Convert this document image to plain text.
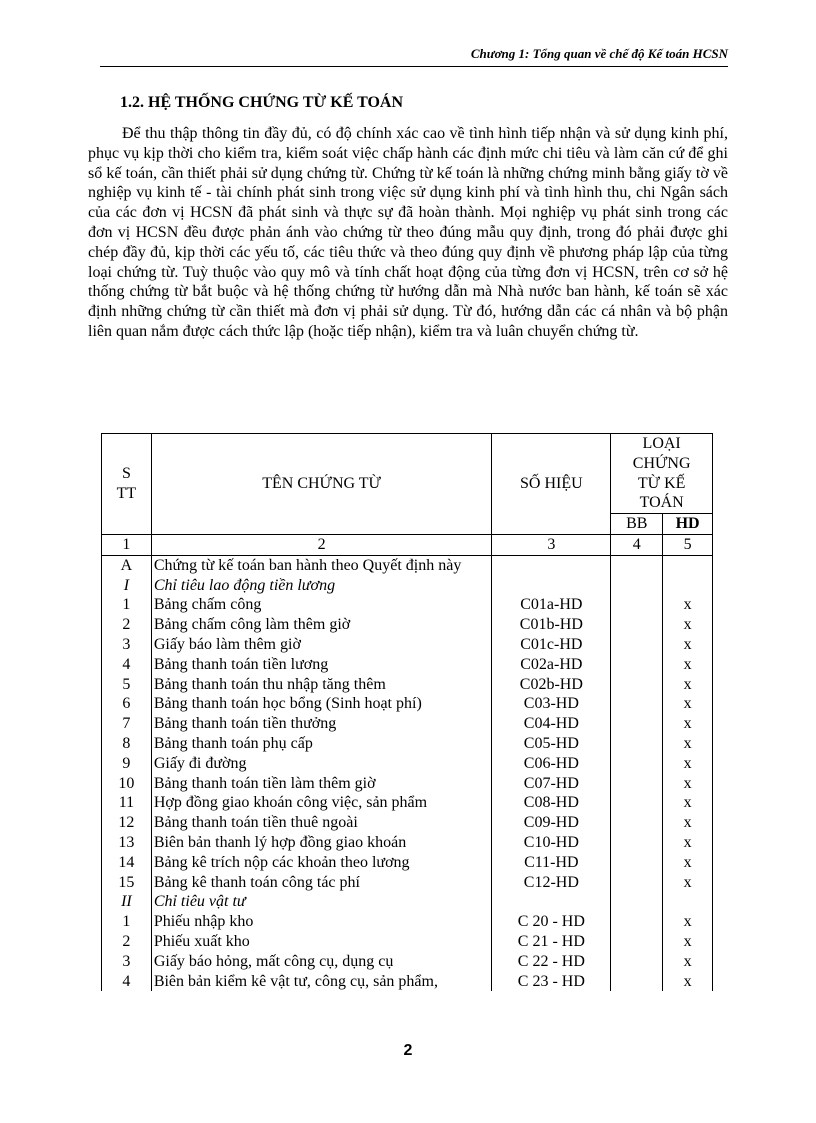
Chương 1: Tổng quan về chế độ Kế toán HCSN
1.2. HỆ THỐNG CHỨNG TỪ KẾ TOÁN

Để thu thập thông tin đầy đủ, có độ chính xác cao về tình hình tiếp nhận và sử dụng kinh phí, phục vụ kịp thời cho kiểm tra, kiểm soát việc chấp hành các định mức chi tiêu và làm căn cứ để ghi sổ kế toán, cần thiết phải sử dụng chứng từ. Chứng từ kế toán là những chứng minh bằng giấy tờ về nghiệp vụ kinh tế - tài chính phát sinh trong việc sử dụng kinh phí và tình hình thu, chi Ngân sách của các đơn vị HCSN đã phát sinh và thực sự đã hoàn thành. Mọi nghiệp vụ phát sinh trong các đơn vị HCSN đều được phản ánh vào chứng từ theo đúng mẫu quy định, trong đó phải được ghi chép đầy đủ, kịp thời các yếu tố, các tiêu thức và theo đúng quy định về phương pháp lập của từng loại chứng từ. Tuỳ thuộc vào quy mô và tính chất hoạt động của từng đơn vị HCSN, trên cơ sở hệ thống chứng từ bắt buộc và hệ thống chứng từ hướng dẫn mà Nhà nước ban hành, kế toán sẽ xác định những chứng từ cần thiết mà đơn vị phải sử dụng. Từ đó, hướng dẫn các cá nhân và bộ phận liên quan nắm được cách thức lập (hoặc tiếp nhận), kiểm tra và luân chuyển chứng từ.

S
TT	TÊN CHỨNG TỪ	SỐ HIỆU	LOẠI CHỨNG TỪ KẾ TOÁN	
			BB	HD
1	2	3	4	5
A	Chứng từ kế toán ban hành theo Quyết định này			
I	Chỉ tiêu lao động tiền lương			
1	Bảng chấm công	C01a-HD		x
2	Bảng chấm công làm thêm giờ	C01b-HD		x
3	Giấy báo làm thêm giờ	C01c-HD		x
4	Bảng thanh toán tiền lương	C02a-HD		x
5	Bảng thanh toán thu nhập tăng thêm	C02b-HD		x
6	Bảng thanh toán học bổng (Sinh hoạt phí)	C03-HD		x
7	Bảng thanh toán tiền thưởng	C04-HD		x
8	Bảng thanh toán phụ cấp	C05-HD		x
9	Giấy đi đường	C06-HD		x
10	Bảng thanh toán tiền làm thêm giờ	C07-HD		x
11	Hợp đồng giao khoán công việc, sản phẩm	C08-HD		x
12	Bảng thanh toán tiền thuê ngoài	C09-HD		x
13	Biên bản thanh lý hợp đồng giao khoán	C10-HD		x
14	Bảng kê trích nộp các khoản theo lương	C11-HD		x
15	Bảng kê thanh toán công tác phí	C12-HD		x
II	Chỉ tiêu vật tư			
1	Phiếu nhập kho	C 20 - HD		x
2	Phiếu xuất kho	C 21 - HD		x
3	Giấy báo hỏng, mất công cụ, dụng cụ	C 22 - HD		x
4	Biên bản kiểm kê vật tư, công cụ, sản phẩm,	C 23 - HD		x
2
